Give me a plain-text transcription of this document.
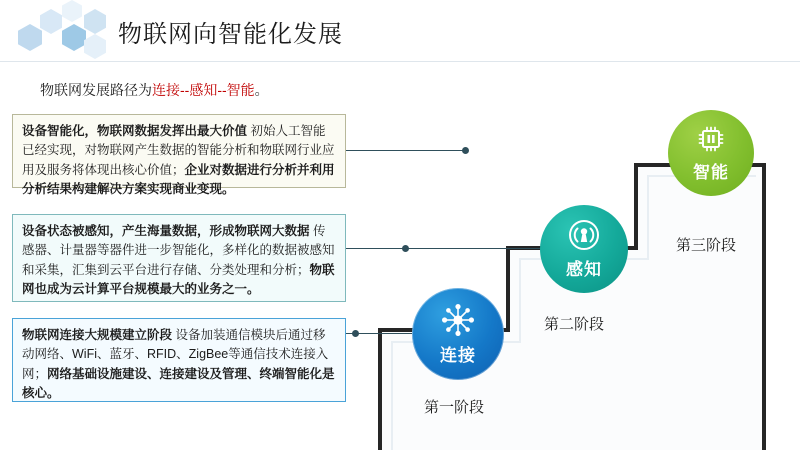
物联网向智能化发展
物联网发展路径为连接--感知--智能。
设备智能化，物联网数据发挥出最大价值 初始人工智能已经实现，对物联网产生数据的智能分析和物联网行业应用及服务将体现出核心价值；企业对数据进行分析并利用分析结果构建解决方案实现商业变现。
设备状态被感知，产生海量数据，形成物联网大数据 传感器、计量器等器件进一步智能化，多样化的数据被感知和采集，汇集到云平台进行存储、分类处理和分析；物联网也成为云计算平台规模最大的业务之一。
物联网连接大规模建立阶段 设备加装通信模块后通过移动网络、WiFi、蓝牙、RFID、ZigBee等通信技术连接入网；网络基础设施建设、连接建设及管理、终端智能化是核心。
连接
感知
智能
第一阶段
第二阶段
第三阶段
